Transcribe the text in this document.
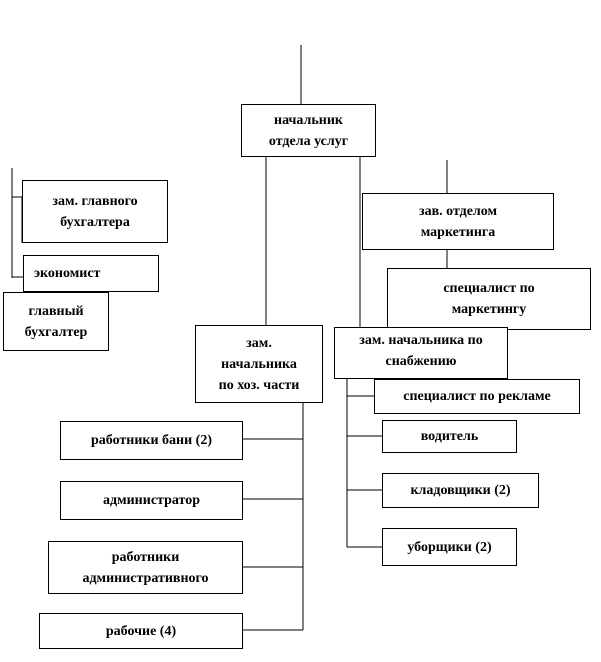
начальник
отдела услуг
зам. главного
бухгалтера
экономист
главный
бухгалтер
зав. отделом
маркетинга
специалист по
маркетингу
зам.
начальника
по хоз. части
зам. начальника по
снабжению
специалист по рекламе
водитель
кладовщики (2)
уборщики (2)
работники бани (2)
администратор
работники
административного
рабочие (4)
